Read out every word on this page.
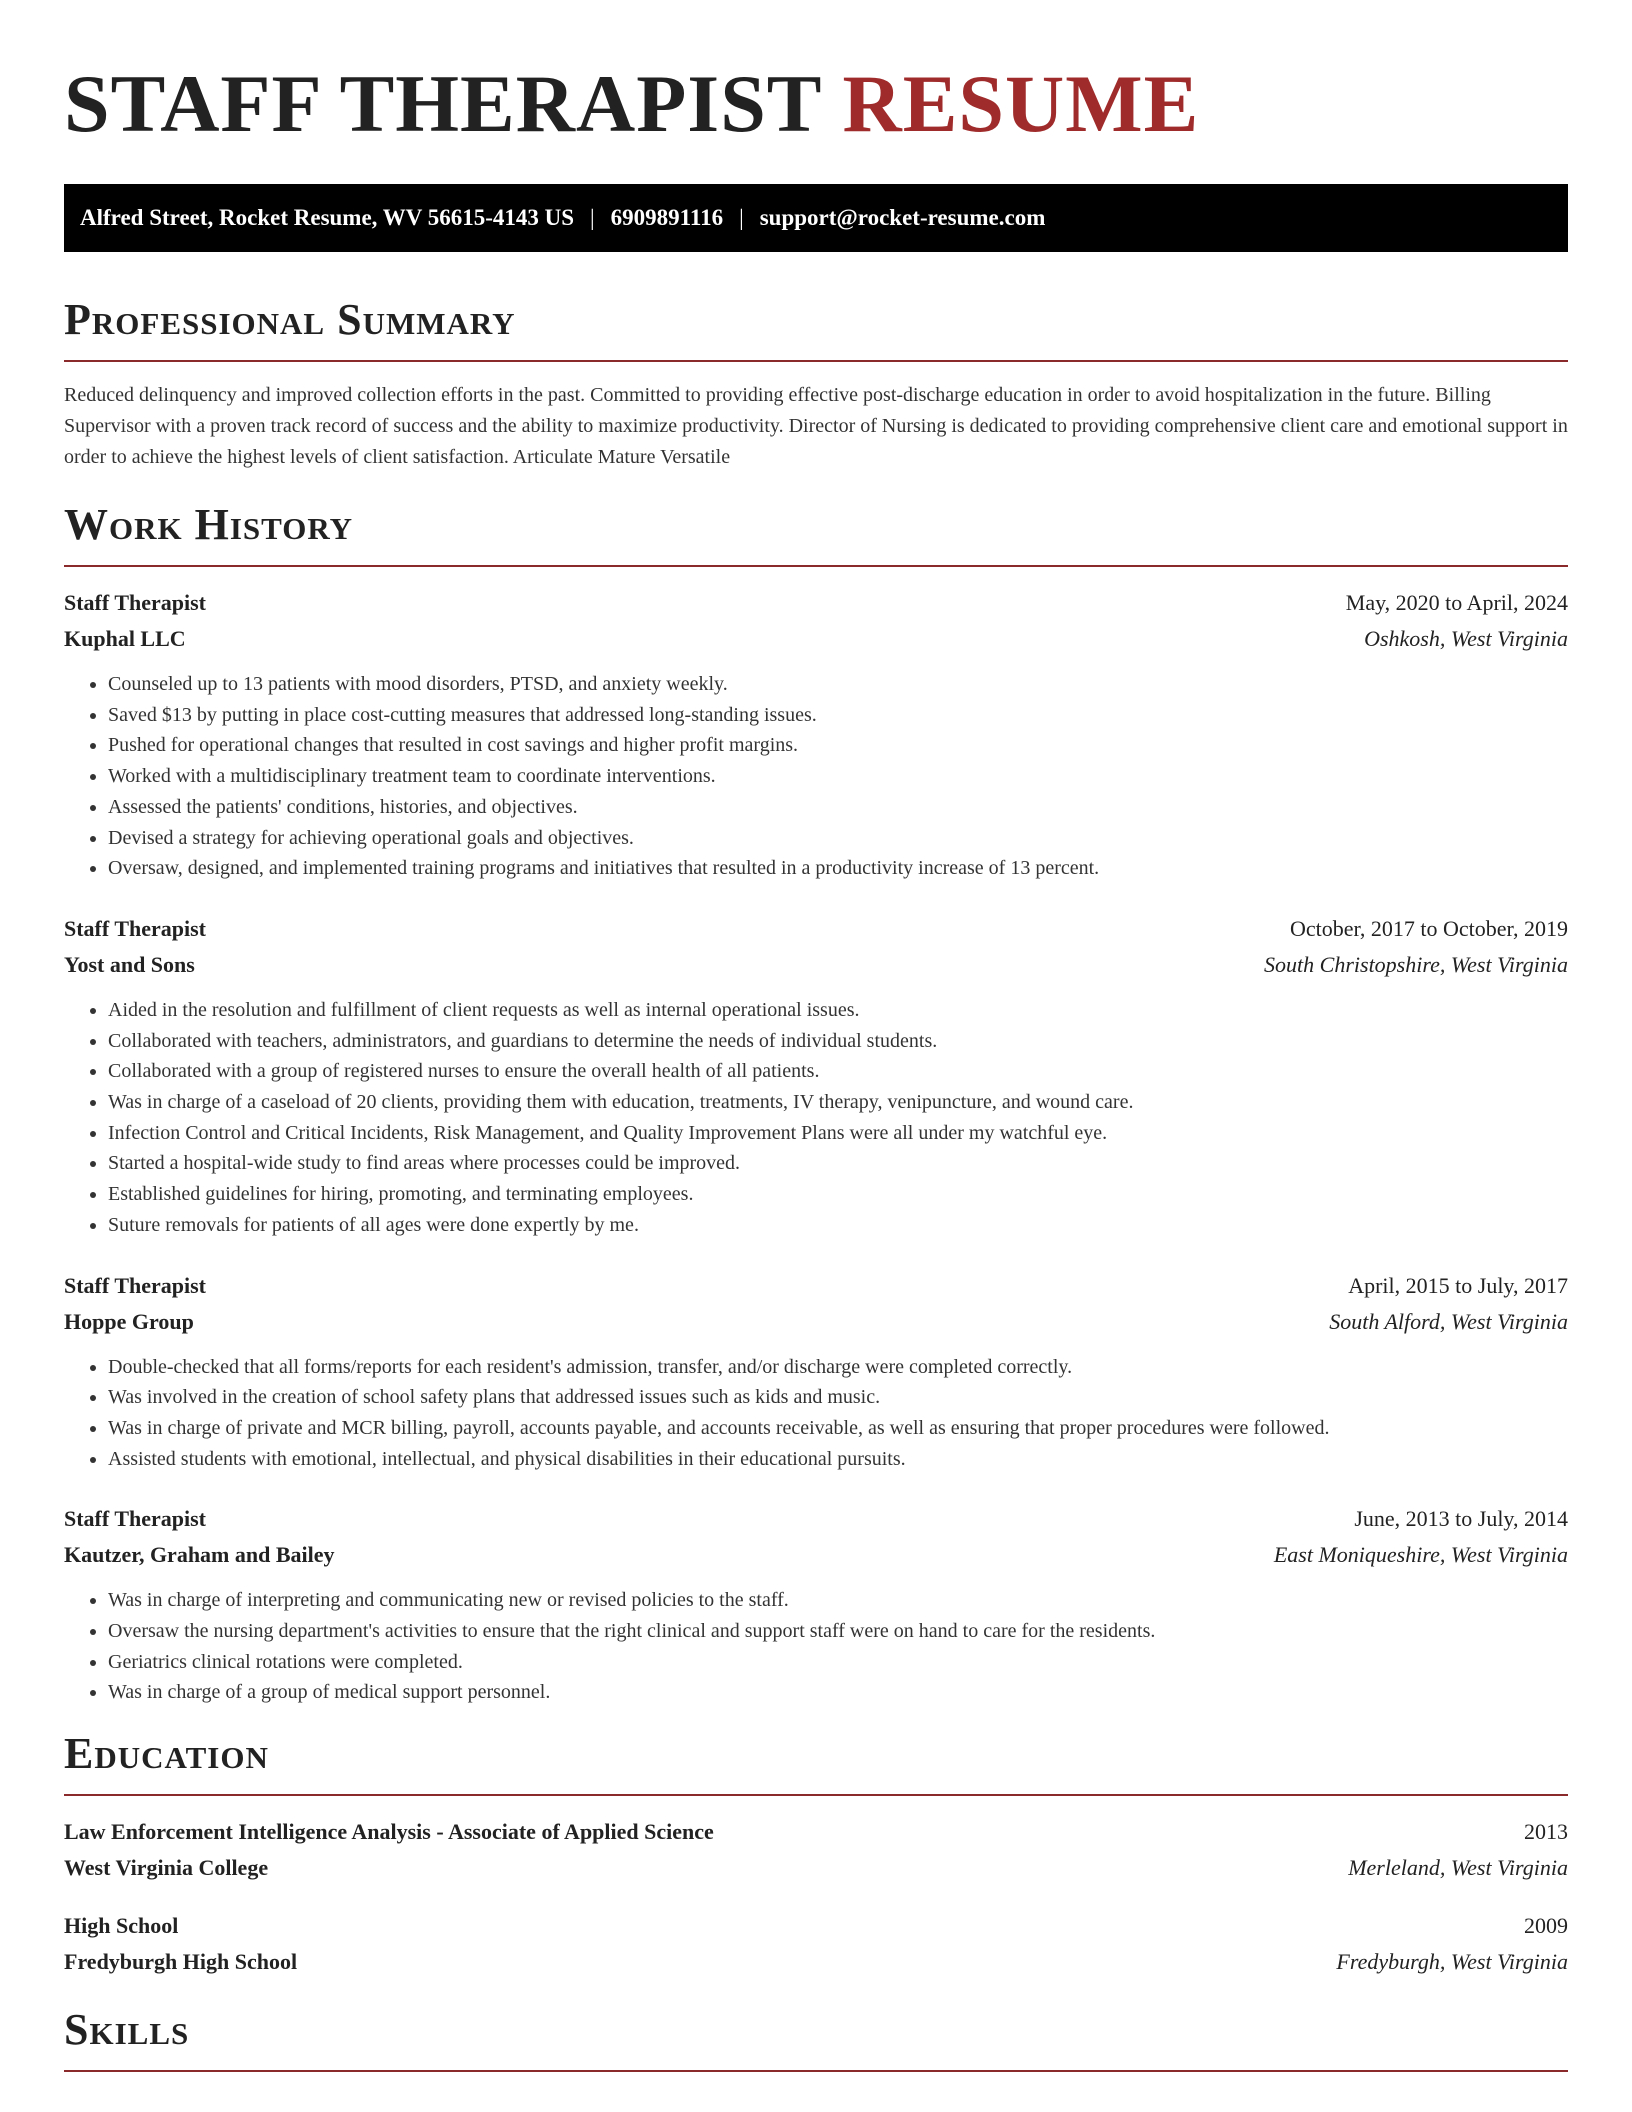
STAFF THERAPIST RESUME
Alfred Street, Rocket Resume, WV 56615-4143 US | 6909891116 | support@rocket-resume.com
Professional Summary

Reduced delinquency and improved collection efforts in the past. Committed to providing effective post-discharge education in order to avoid hospitalization in the future. Billing Supervisor with a proven track record of success and the ability to maximize productivity. Director of Nursing is dedicated to providing comprehensive client care and emotional support in order to achieve the highest levels of client satisfaction. Articulate Mature Versatile

Work History
Staff Therapist	May, 2020 to April, 2024
Kuphal LLC	Oshkosh, West Virginia
• Counseled up to 13 patients with mood disorders, PTSD, and anxiety weekly.
• Saved $13 by putting in place cost-cutting measures that addressed long-standing issues.
• Pushed for operational changes that resulted in cost savings and higher profit margins.
• Worked with a multidisciplinary treatment team to coordinate interventions.
• Assessed the patients' conditions, histories, and objectives.
• Devised a strategy for achieving operational goals and objectives.
• Oversaw, designed, and implemented training programs and initiatives that resulted in a productivity increase of 13 percent.
Staff Therapist	October, 2017 to October, 2019
Yost and Sons	South Christopshire, West Virginia
• Aided in the resolution and fulfillment of client requests as well as internal operational issues.
• Collaborated with teachers, administrators, and guardians to determine the needs of individual students.
• Collaborated with a group of registered nurses to ensure the overall health of all patients.
• Was in charge of a caseload of 20 clients, providing them with education, treatments, IV therapy, venipuncture, and wound care.
• Infection Control and Critical Incidents, Risk Management, and Quality Improvement Plans were all under my watchful eye.
• Started a hospital-wide study to find areas where processes could be improved.
• Established guidelines for hiring, promoting, and terminating employees.
• Suture removals for patients of all ages were done expertly by me.
Staff Therapist	April, 2015 to July, 2017
Hoppe Group	South Alford, West Virginia
• Double-checked that all forms/reports for each resident's admission, transfer, and/or discharge were completed correctly.
• Was involved in the creation of school safety plans that addressed issues such as kids and music.
• Was in charge of private and MCR billing, payroll, accounts payable, and accounts receivable, as well as ensuring that proper procedures were followed.
• Assisted students with emotional, intellectual, and physical disabilities in their educational pursuits.
Staff Therapist	June, 2013 to July, 2014
Kautzer, Graham and Bailey	East Moniqueshire, West Virginia
• Was in charge of interpreting and communicating new or revised policies to the staff.
• Oversaw the nursing department's activities to ensure that the right clinical and support staff were on hand to care for the residents.
• Geriatrics clinical rotations were completed.
• Was in charge of a group of medical support personnel.
Education
Law Enforcement Intelligence Analysis - Associate of Applied Science	2013
West Virginia College	Merleland, West Virginia
High School	2009
Fredyburgh High School	Fredyburgh, West Virginia
Skills
